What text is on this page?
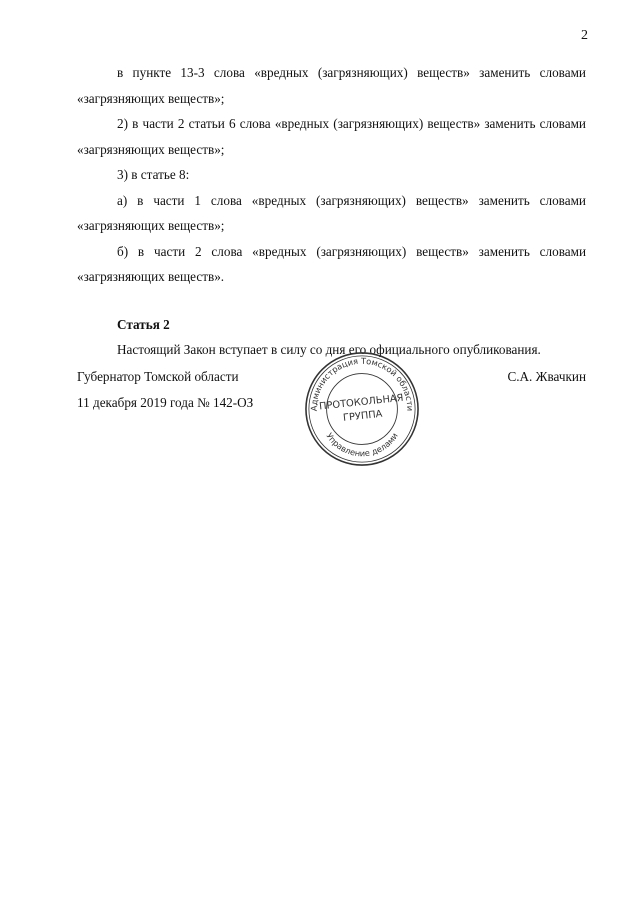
2

в пункте 13-3 слова «вредных (загрязняющих) веществ» заменить словами «загрязняющих веществ»;

2) в части 2 статьи 6 слова «вредных (загрязняющих) веществ» заменить словами «загрязняющих веществ»;

3) в статье 8:

а) в части 1 слова «вредных (загрязняющих) веществ» заменить словами «загрязняющих веществ»;

б) в части 2 слова «вредных (загрязняющих) веществ» заменить словами «загрязняющих веществ».

Статья 2

Настоящий Закон вступает в силу со дня его официального опубликования.

Губернатор Томской области
11 декабря 2019 года № 142-ОЗ
С.А. Жвачкин
Администрация Томской области
Управление делами
ПРОТОКОЛЬНАЯ
ГРУППА
